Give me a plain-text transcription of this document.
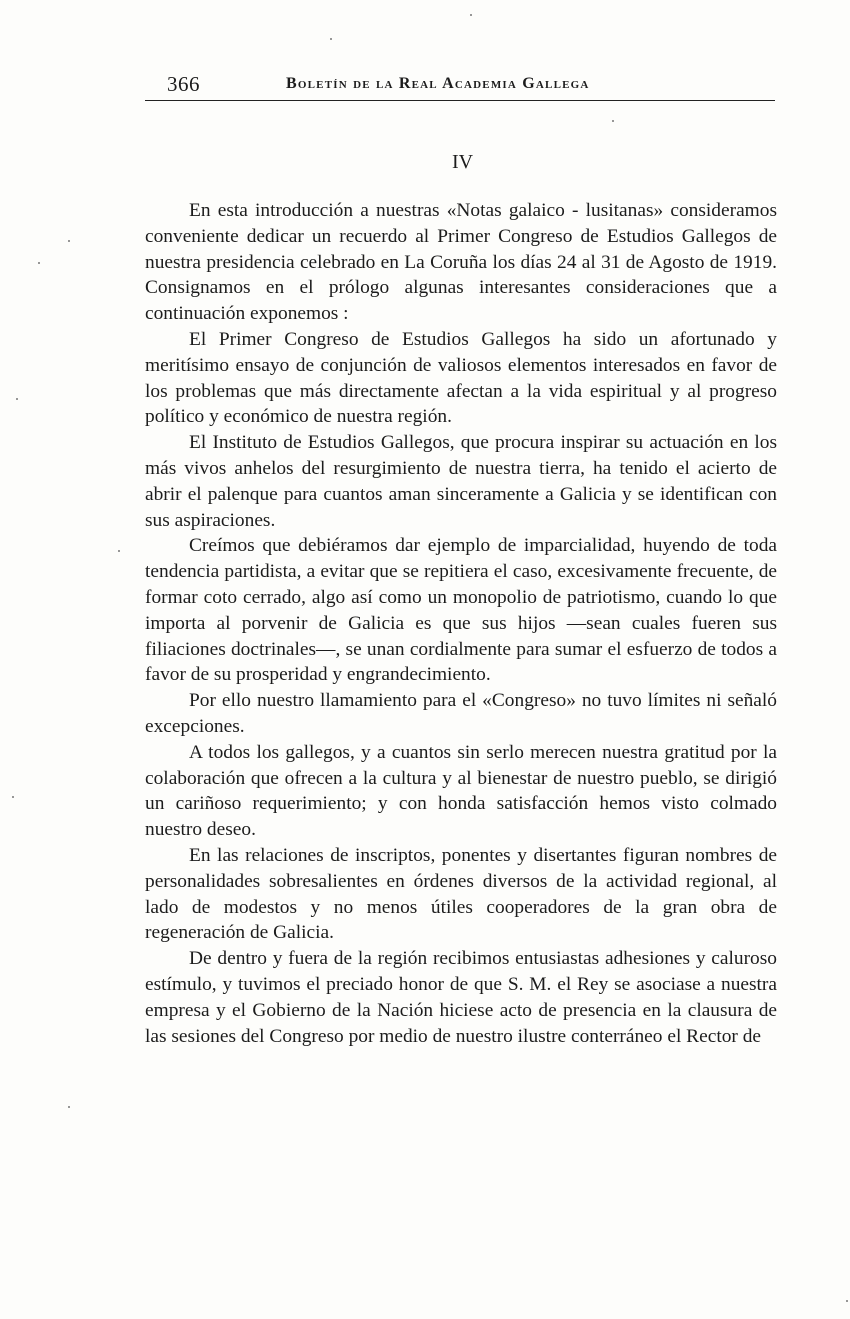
366	Boletín de la Real Academia Gallega
IV

En esta introducción a nuestras «Notas galaico - lusitanas» consideramos conveniente dedicar un recuerdo al Primer Congreso de Estudios Gallegos de nuestra presidencia celebrado en La Coruña los días 24 al 31 de Agosto de 1919. Consignamos en el prólogo algunas interesantes consideraciones que a continuación exponemos :

El Primer Congreso de Estudios Gallegos ha sido un afortunado y meritísimo ensayo de conjunción de valiosos elementos interesados en favor de los problemas que más directamente afectan a la vida espiritual y al progreso político y económico de nuestra región.

El Instituto de Estudios Gallegos, que procura inspirar su actuación en los más vivos anhelos del resurgimiento de nuestra tierra, ha tenido el acierto de abrir el palenque para cuantos aman sinceramente a Galicia y se identifican con sus aspiraciones.

Creímos que debiéramos dar ejemplo de imparcialidad, huyendo de toda tendencia partidista, a evitar que se repitiera el caso, excesivamente frecuente, de formar coto cerrado, algo así como un monopolio de patriotismo, cuando lo que importa al porvenir de Galicia es que sus hijos —sean cuales fueren sus filiaciones doctrinales—, se unan cordialmente para sumar el esfuerzo de todos a favor de su prosperidad y engrandecimiento.

Por ello nuestro llamamiento para el «Congreso» no tuvo límites ni señaló excepciones.

A todos los gallegos, y a cuantos sin serlo merecen nuestra gratitud por la colaboración que ofrecen a la cultura y al bienestar de nuestro pueblo, se dirigió un cariñoso requerimiento; y con honda satisfacción hemos visto colmado nuestro deseo.

En las relaciones de inscriptos, ponentes y disertantes figuran nombres de personalidades sobresalientes en órdenes diversos de la actividad regional, al lado de modestos y no menos útiles cooperadores de la gran obra de regeneración de Galicia.

De dentro y fuera de la región recibimos entusiastas adhesiones y caluroso estímulo, y tuvimos el preciado honor de que S. M. el Rey se asociase a nuestra empresa y el Gobierno de la Nación hiciese acto de presencia en la clausura de las sesiones del Congreso por medio de nuestro ilustre conterráneo el Rector de
